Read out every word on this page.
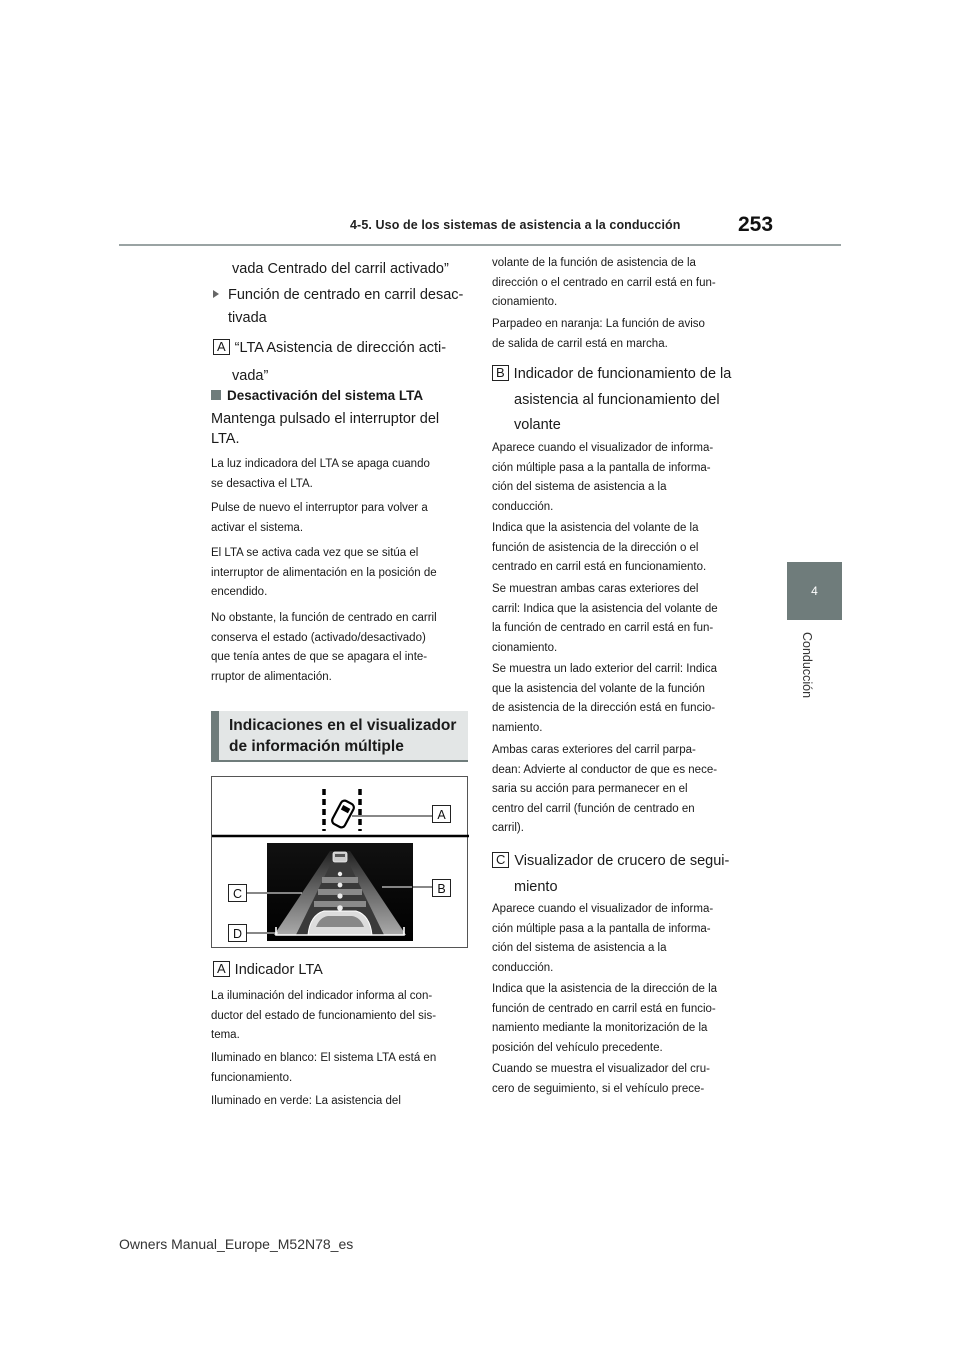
4-5. Uso de los sistemas de asistencia a la conducción	253
4
Conducción
vada Centrado del carril activado”
Función de centrado en carril desac-
tivada
A “LTA Asistencia de dirección acti-
vada”
Desactivación del sistema LTA
Mantenga pulsado el interruptor del
LTA.
La luz indicadora del LTA se apaga cuando
se desactiva el LTA.
Pulse de nuevo el interruptor para volver a
activar el sistema.
El LTA se activa cada vez que se sitúa el
interruptor de alimentación en la posición de
encendido.
No obstante, la función de centrado en carril
conserva el estado (activado/desactivado)
que tenía antes de que se apagara el inte-
rruptor de alimentación.
Indicaciones en el visualizador
de información múltiple
A
B
C
D
A Indicador LTA
La iluminación del indicador informa al con-
ductor del estado de funcionamiento del sis-
tema.
Iluminado en blanco: El sistema LTA está en
funcionamiento.
Iluminado en verde: La asistencia del
volante de la función de asistencia de la
dirección o el centrado en carril está en fun-
cionamiento.
Parpadeo en naranja: La función de aviso
de salida de carril está en marcha.
B Indicador de funcionamiento de la
asistencia al funcionamiento del
volante
Aparece cuando el visualizador de informa-
ción múltiple pasa a la pantalla de informa-
ción del sistema de asistencia a la
conducción.
Indica que la asistencia del volante de la
función de asistencia de la dirección o el
centrado en carril está en funcionamiento.
Se muestran ambas caras exteriores del
carril: Indica que la asistencia del volante de
la función de centrado en carril está en fun-
cionamiento.
Se muestra un lado exterior del carril: Indica
que la asistencia del volante de la función
de asistencia de la dirección está en funcio-
namiento.
Ambas caras exteriores del carril parpa-
dean: Advierte al conductor de que es nece-
saria su acción para permanecer en el
centro del carril (función de centrado en
carril).
C Visualizador de crucero de segui-
miento
Aparece cuando el visualizador de informa-
ción múltiple pasa a la pantalla de informa-
ción del sistema de asistencia a la
conducción.
Indica que la asistencia de la dirección de la
función de centrado en carril está en funcio-
namiento mediante la monitorización de la
posición del vehículo precedente.
Cuando se muestra el visualizador del cru-
cero de seguimiento, si el vehículo prece-
Owners Manual_Europe_M52N78_es
